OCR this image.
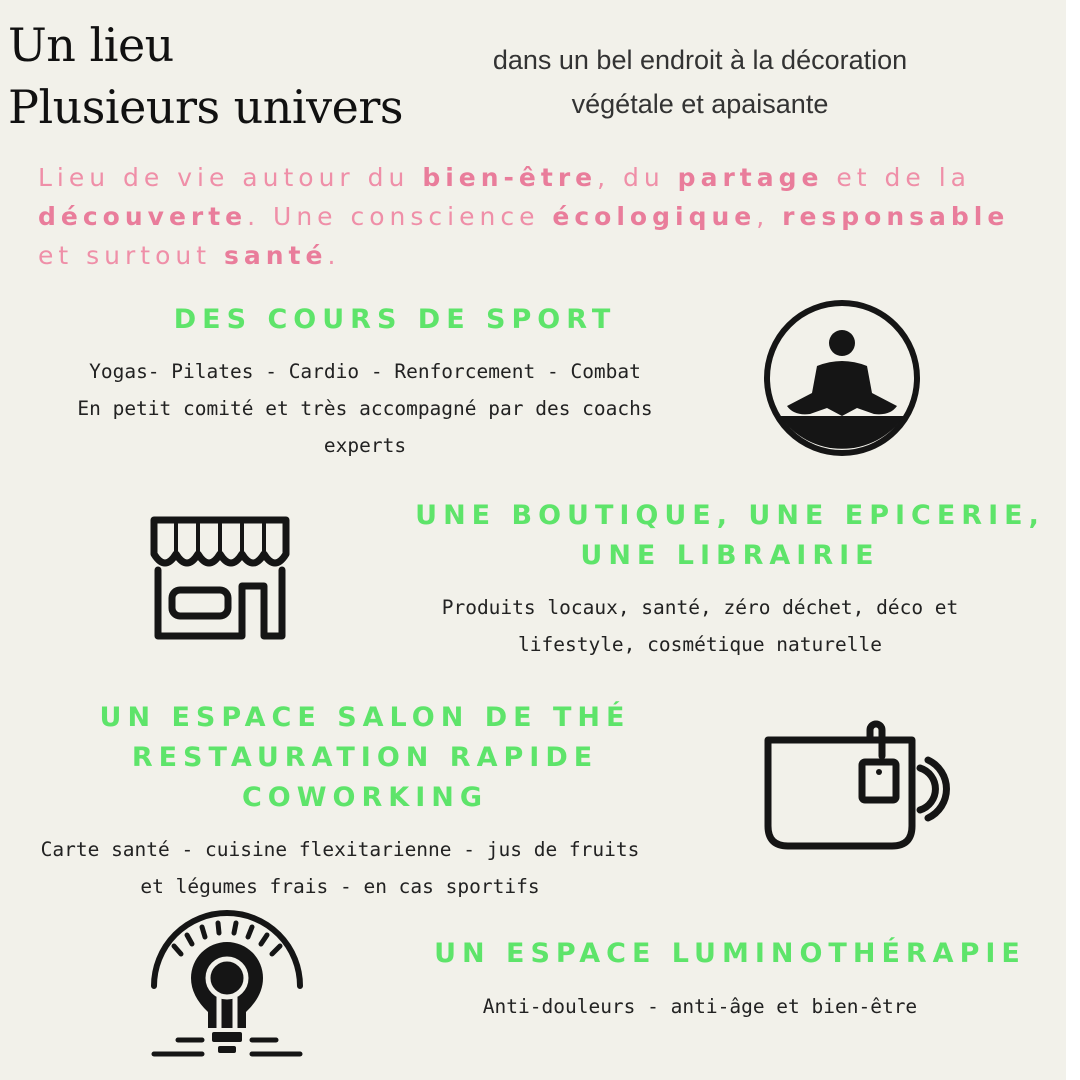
Un lieu
Plusieurs univers
dans un bel endroit à la décoration
végétale et apaisante
Lieu de vie autour du bien-être, du partage et de la découverte. Une conscience écologique, responsable et surtout santé.
DES COURS DE SPORT
Yogas- Pilates - Cardio - Renforcement - Combat
En petit comité et très accompagné par des coachs
experts
UNE BOUTIQUE, UNE EPICERIE,
UNE LIBRAIRIE
Produits locaux, santé, zéro déchet, déco et
lifestyle, cosmétique naturelle
UN ESPACE SALON DE THÉ
RESTAURATION RAPIDE
COWORKING
Carte santé - cuisine flexitarienne - jus de fruits
et légumes frais - en cas sportifs
UN ESPACE LUMINOTHÉRAPIE
Anti-douleurs - anti-âge et bien-être
